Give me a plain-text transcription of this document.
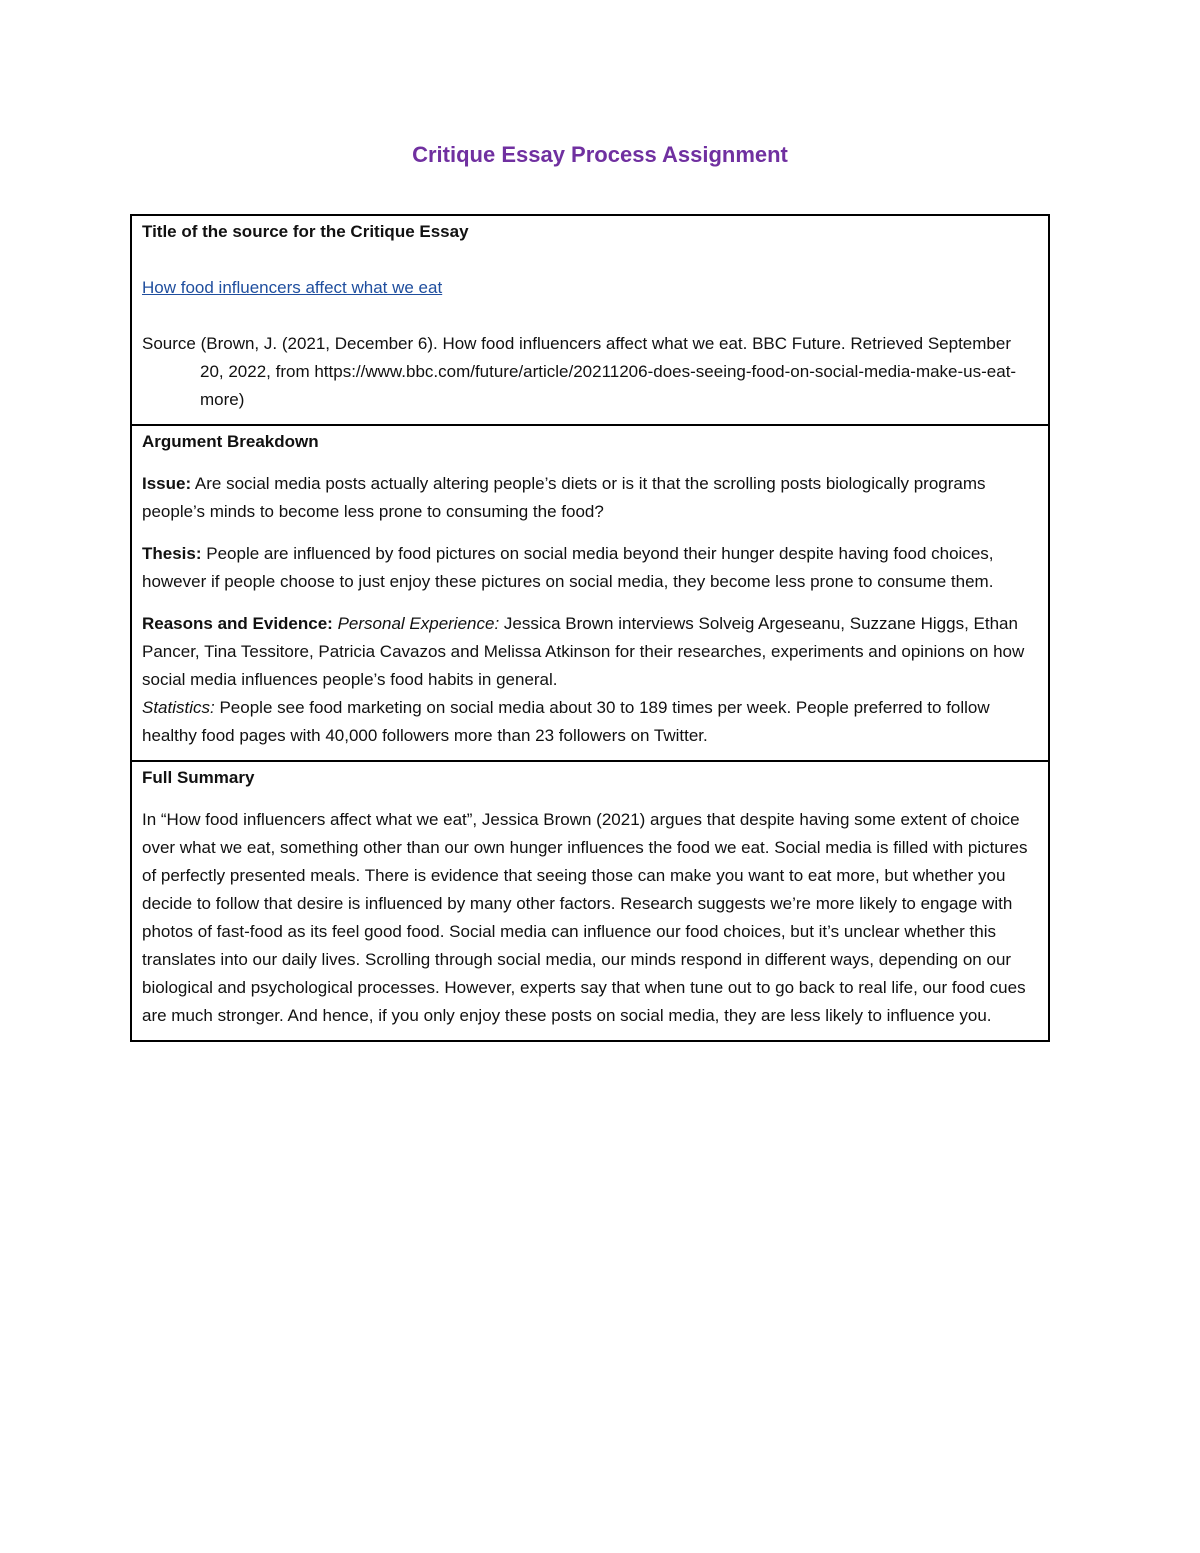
Critique Essay Process Assignment

Title of the source for the Critique Essay

How food influencers affect what we eat

Source (Brown, J. (2021, December 6). How food influencers affect what we eat. BBC Future. Retrieved September 20, 2022, from https://www.bbc.com/future/article/20211206-does-seeing-food-on-social-media-make-us-eat-more)

Argument Breakdown

Issue: Are social media posts actually altering people’s diets or is it that the scrolling posts biologically programs people’s minds to become less prone to consuming the food?

Thesis: People are influenced by food pictures on social media beyond their hunger despite having food choices, however if people choose to just enjoy these pictures on social media, they become less prone to consume them.

Reasons and Evidence: Personal Experience: Jessica Brown interviews Solveig Argeseanu, Suzzane Higgs, Ethan Pancer, Tina Tessitore, Patricia Cavazos and Melissa Atkinson for their researches, experiments and opinions on how social media influences people’s food habits in general.

Statistics: People see food marketing on social media about 30 to 189 times per week. People preferred to follow healthy food pages with 40,000 followers more than 23 followers on Twitter.

Full Summary

In “How food influencers affect what we eat”, Jessica Brown (2021) argues that despite having some extent of choice over what we eat, something other than our own hunger influences the food we eat. Social media is filled with pictures of perfectly presented meals. There is evidence that seeing those can make you want to eat more, but whether you decide to follow that desire is influenced by many other factors. Research suggests we’re more likely to engage with photos of fast-food as its feel good food. Social media can influence our food choices, but it’s unclear whether this translates into our daily lives. Scrolling through social media, our minds respond in different ways, depending on our biological and psychological processes. However, experts say that when tune out to go back to real life, our food cues are much stronger. And hence, if you only enjoy these posts on social media, they are less likely to influence you.
